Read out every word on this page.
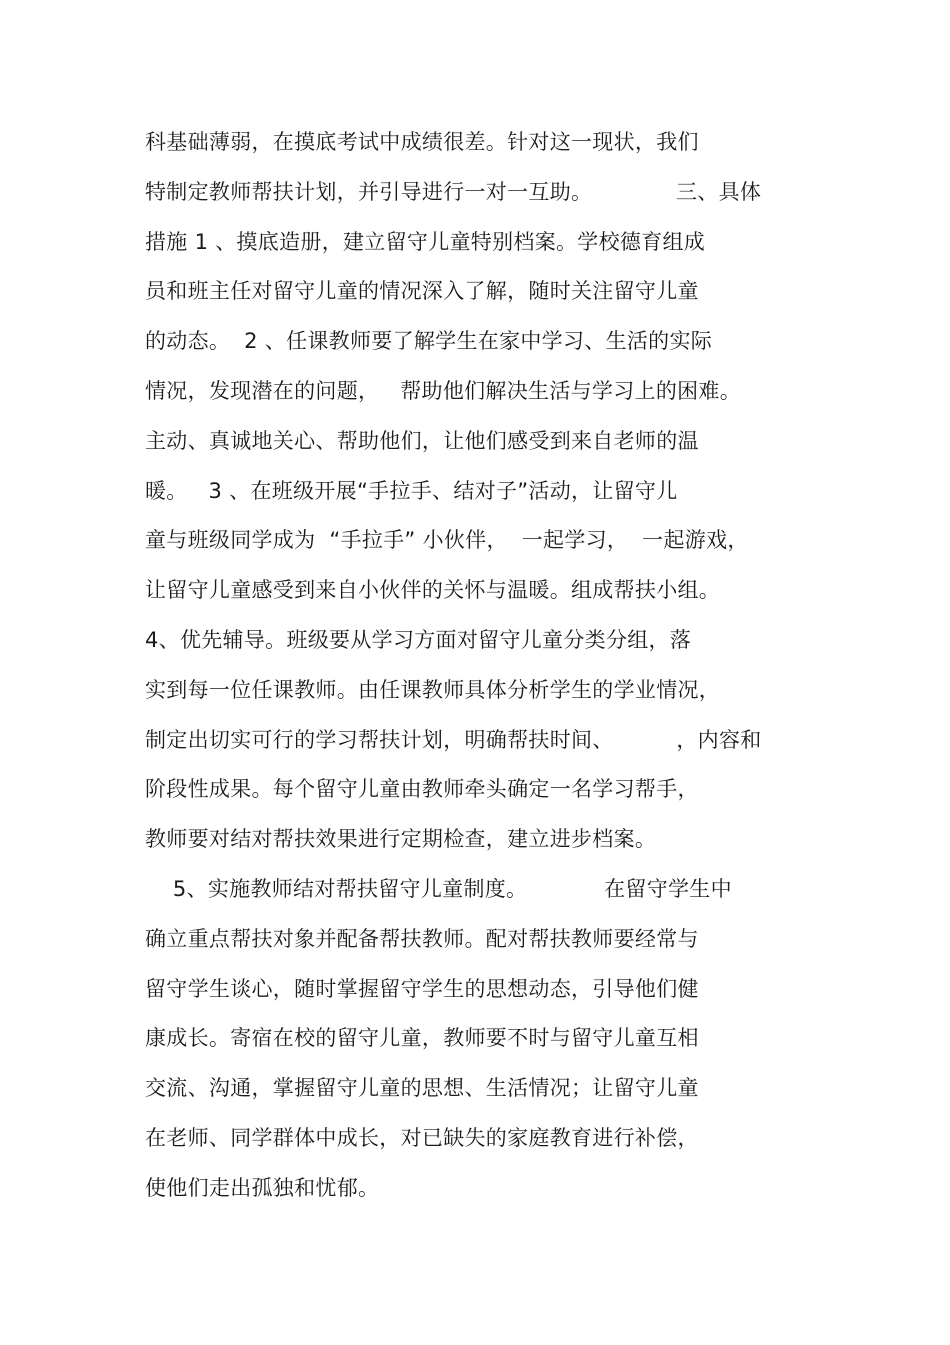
科基础薄弱，在摸底考试中成绩很差。针对这一现状，我们
特制定教师帮扶计划，并引导进行一对一互助。            三、具体
措施 1 、摸底造册，建立留守儿童特别档案。学校德育组成
员和班主任对留守儿童的情况深入了解，随时关注留守儿童
的动态。  2 、任课教师要了解学生在家中学习、生活的实际
情况，发现潜在的问题，   帮助他们解决生活与学习上的困难。
主动、真诚地关心、帮助他们，让他们感受到来自老师的温
暖。   3 、在班级开展“手拉手、结对子”活动，让留守儿
童与班级同学成为  “手拉手” 小伙伴，  一起学习，  一起游戏，
让留守儿童感受到来自小伙伴的关怀与温暖。组成帮扶小组。
4、优先辅导。班级要从学习方面对留守儿童分类分组，落
实到每一位任课教师。由任课教师具体分析学生的学业情况，
制定出切实可行的学习帮扶计划，明确帮扶时间、         ，内容和
阶段性成果。每个留守儿童由教师牵头确定一名学习帮手，
教师要对结对帮扶效果进行定期检查，建立进步档案。
5、实施教师结对帮扶留守儿童制度。           在留守学生中
确立重点帮扶对象并配备帮扶教师。配对帮扶教师要经常与
留守学生谈心，随时掌握留守学生的思想动态，引导他们健
康成长。寄宿在校的留守儿童，教师要不时与留守儿童互相
交流、沟通，掌握留守儿童的思想、生活情况；让留守儿童
在老师、同学群体中成长，对已缺失的家庭教育进行补偿，
使他们走出孤独和忧郁。
